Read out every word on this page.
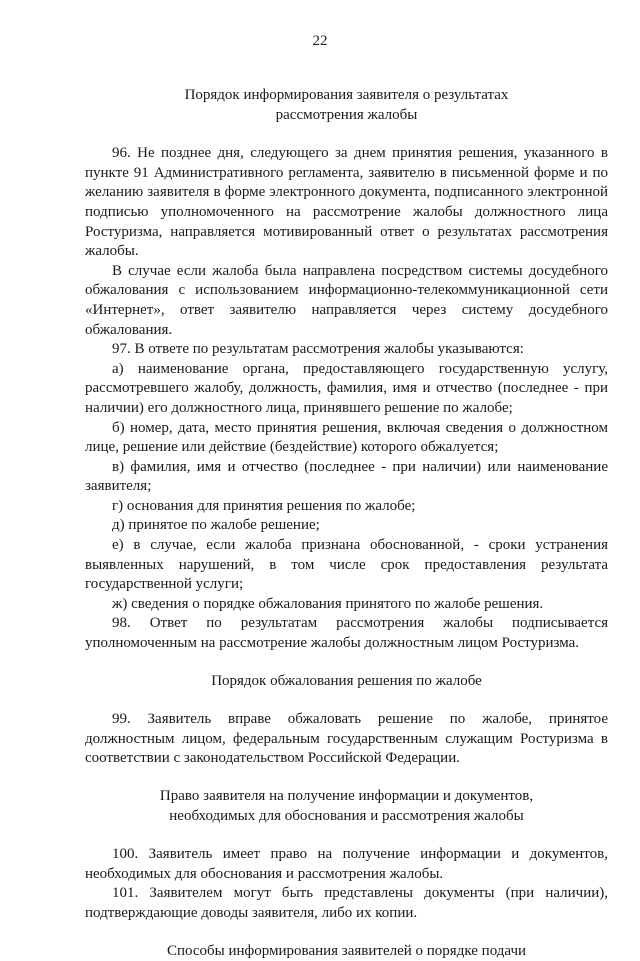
22
Порядок информирования заявителя о результатах
рассмотрения жалобы

96. Не позднее дня, следующего за днем принятия решения, указанного в пункте 91 Административного регламента, заявителю в письменной форме и по желанию заявителя в форме электронного документа, подписанного электронной подписью уполномоченного на рассмотрение жалобы должностного лица Ростуризма, направляется мотивированный ответ о результатах рассмотрения жалобы.

В случае если жалоба была направлена посредством системы досудебного обжалования с использованием информационно-телекоммуникационной сети «Интернет», ответ заявителю направляется через систему досудебного обжалования.

97. В ответе по результатам рассмотрения жалобы указываются:

а) наименование органа, предоставляющего государственную услугу, рассмотревшего жалобу, должность, фамилия, имя и отчество (последнее - при наличии) его должностного лица, принявшего решение по жалобе;

б) номер, дата, место принятия решения, включая сведения о должностном лице, решение или действие (бездействие) которого обжалуется;

в) фамилия, имя и отчество (последнее - при наличии) или наименование заявителя;

г) основания для принятия решения по жалобе;

д) принятое по жалобе решение;

е) в случае, если жалоба признана обоснованной, - сроки устранения выявленных нарушений, в том числе срок предоставления результата государственной услуги;

ж) сведения о порядке обжалования принятого по жалобе решения.

98. Ответ по результатам рассмотрения жалобы подписывается уполномоченным на рассмотрение жалобы должностным лицом Ростуризма.

Порядок обжалования решения по жалобе

99. Заявитель вправе обжаловать решение по жалобе, принятое должностным лицом, федеральным государственным служащим Ростуризма в соответствии с законодательством Российской Федерации.

Право заявителя на получение информации и документов,
необходимых для обоснования и рассмотрения жалобы

100. Заявитель имеет право на получение информации и документов, необходимых для обоснования и рассмотрения жалобы.

101. Заявителем могут быть представлены документы (при наличии), подтверждающие доводы заявителя, либо их копии.

Способы информирования заявителей о порядке подачи
